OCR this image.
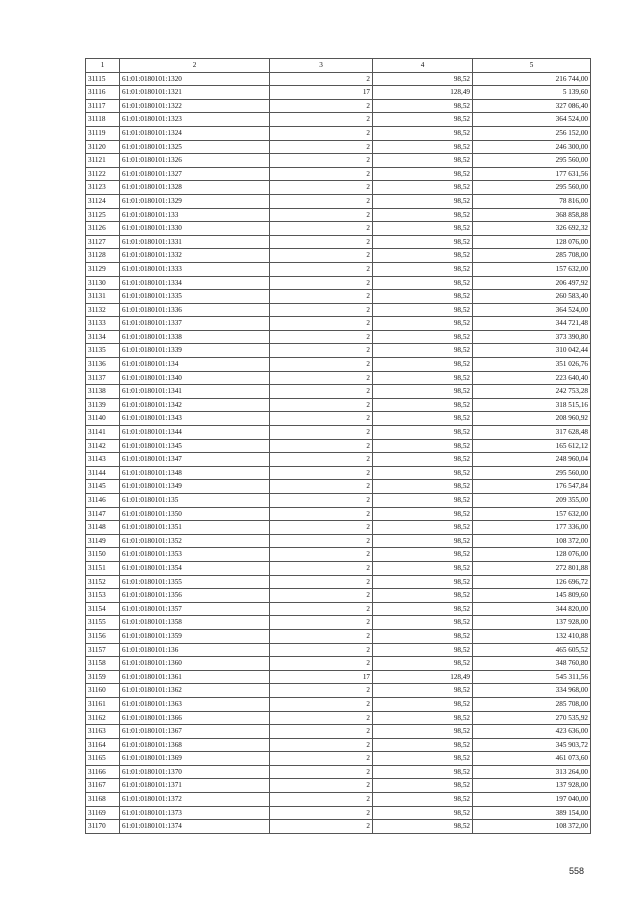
1	2	3	4	5
31115	61:01:0180101:1320	2	98,52	216 744,00
31116	61:01:0180101:1321	17	128,49	5 139,60
31117	61:01:0180101:1322	2	98,52	327 086,40
31118	61:01:0180101:1323	2	98,52	364 524,00
31119	61:01:0180101:1324	2	98,52	256 152,00
31120	61:01:0180101:1325	2	98,52	246 300,00
31121	61:01:0180101:1326	2	98,52	295 560,00
31122	61:01:0180101:1327	2	98,52	177 631,56
31123	61:01:0180101:1328	2	98,52	295 560,00
31124	61:01:0180101:1329	2	98,52	78 816,00
31125	61:01:0180101:133	2	98,52	368 858,88
31126	61:01:0180101:1330	2	98,52	326 692,32
31127	61:01:0180101:1331	2	98,52	128 076,00
31128	61:01:0180101:1332	2	98,52	285 708,00
31129	61:01:0180101:1333	2	98,52	157 632,00
31130	61:01:0180101:1334	2	98,52	206 497,92
31131	61:01:0180101:1335	2	98,52	260 583,40
31132	61:01:0180101:1336	2	98,52	364 524,00
31133	61:01:0180101:1337	2	98,52	344 721,48
31134	61:01:0180101:1338	2	98,52	373 390,80
31135	61:01:0180101:1339	2	98,52	310 042,44
31136	61:01:0180101:134	2	98,52	351 026,76
31137	61:01:0180101:1340	2	98,52	223 640,40
31138	61:01:0180101:1341	2	98,52	242 753,28
31139	61:01:0180101:1342	2	98,52	318 515,16
31140	61:01:0180101:1343	2	98,52	208 960,92
31141	61:01:0180101:1344	2	98,52	317 628,48
31142	61:01:0180101:1345	2	98,52	165 612,12
31143	61:01:0180101:1347	2	98,52	248 960,04
31144	61:01:0180101:1348	2	98,52	295 560,00
31145	61:01:0180101:1349	2	98,52	176 547,84
31146	61:01:0180101:135	2	98,52	209 355,00
31147	61:01:0180101:1350	2	98,52	157 632,00
31148	61:01:0180101:1351	2	98,52	177 336,00
31149	61:01:0180101:1352	2	98,52	108 372,00
31150	61:01:0180101:1353	2	98,52	128 076,00
31151	61:01:0180101:1354	2	98,52	272 801,88
31152	61:01:0180101:1355	2	98,52	126 696,72
31153	61:01:0180101:1356	2	98,52	145 809,60
31154	61:01:0180101:1357	2	98,52	344 820,00
31155	61:01:0180101:1358	2	98,52	137 928,00
31156	61:01:0180101:1359	2	98,52	132 410,88
31157	61:01:0180101:136	2	98,52	465 605,52
31158	61:01:0180101:1360	2	98,52	348 760,80
31159	61:01:0180101:1361	17	128,49	545 311,56
31160	61:01:0180101:1362	2	98,52	334 968,00
31161	61:01:0180101:1363	2	98,52	285 708,00
31162	61:01:0180101:1366	2	98,52	270 535,92
31163	61:01:0180101:1367	2	98,52	423 636,00
31164	61:01:0180101:1368	2	98,52	345 903,72
31165	61:01:0180101:1369	2	98,52	461 073,60
31166	61:01:0180101:1370	2	98,52	313 264,00
31167	61:01:0180101:1371	2	98,52	137 928,00
31168	61:01:0180101:1372	2	98,52	197 040,00
31169	61:01:0180101:1373	2	98,52	389 154,00
31170	61:01:0180101:1374	2	98,52	108 372,00
558
